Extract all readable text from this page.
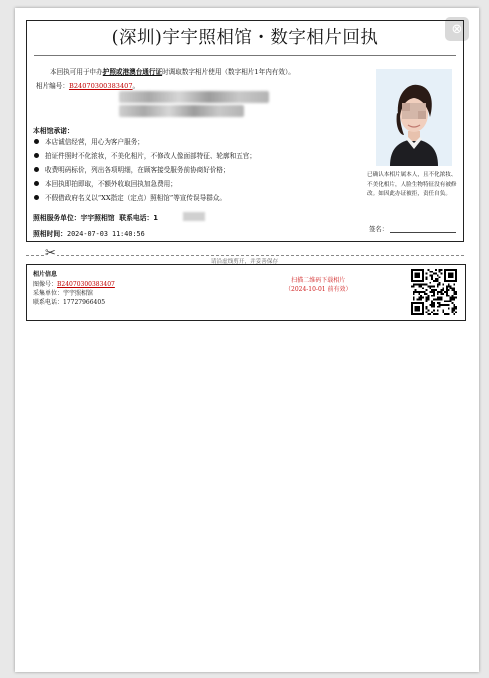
⊗
(深圳)宇宇照相馆・数字相片回执
本回执可用于申办护照或港澳台通行证时调取数字相片使用（数字相片1年内有效）。
相片编号：B24070300383407。
本相馆承诺：
本店诚信经营，用心为客户服务；
拍证件照时不化浓妆，不美化相片，不修改人像面部特征、轮廓和五官；
收费明码标价，列出各项明细，在顾客接受服务前协商好价格；
本回执即拍即取，不额外收取回执加急费用；
不假借政府名义以“XX指定（定点）照相馆”等宣传误导群众。
照相服务单位：宇宇照相馆 联系电话：1
照相时间：2024-07-03 11:40:56
已确认本相片属本人，且不化浓妆、不美化相片，人脸生物特征没有被修改。如因此办证被拒，责任自负。
签名：
✂
请沿虚线剪开，并妥善保存
相片信息
图像号：B24070300383407
采集单位：宇宇照相馆
联系电话：17727966405
扫描二维码下载相片
（2024-10-01 前有效）
